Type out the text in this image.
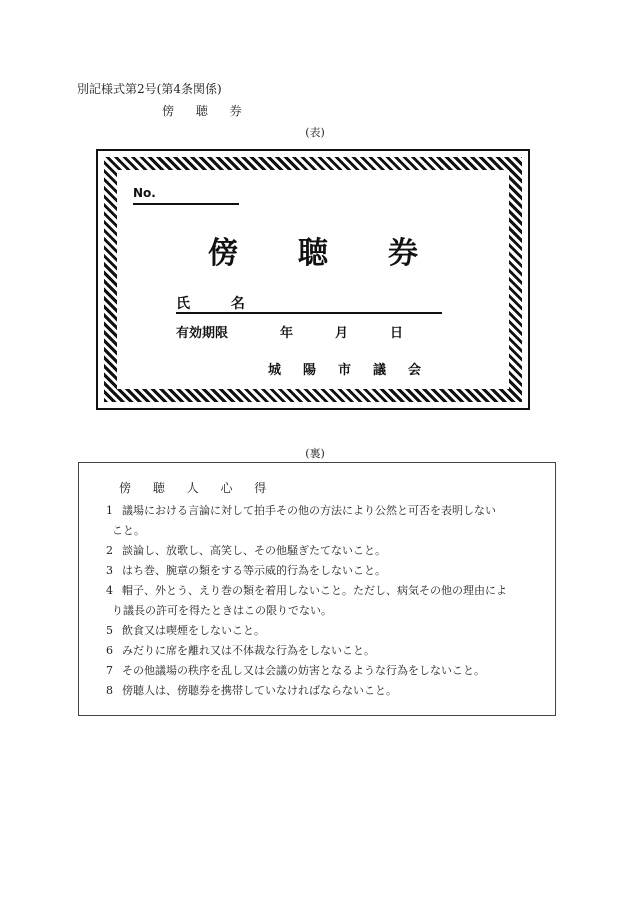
別記様式第2号(第4条関係)
傍 聴 券
(表)
No.
傍 聴 券
氏 名
有効期限	年	月	日
城陽市議会
(裏)
傍 聴 人 心 得
1 議場における言論に対して拍手その他の方法により公然と可否を表明しない
こと。
2 談論し、放歌し、高笑し、その他騒ぎたてないこと。
3 はち巻、腕章の類をする等示威的行為をしないこと。
4 帽子、外とう、えり巻の類を着用しないこと。ただし、病気その他の理由によ
り議長の許可を得たときはこの限りでない。
5 飲食又は喫煙をしないこと。
6 みだりに席を離れ又は不体裁な行為をしないこと。
7 その他議場の秩序を乱し又は会議の妨害となるような行為をしないこと。
8 傍聴人は、傍聴券を携帯していなければならないこと。
